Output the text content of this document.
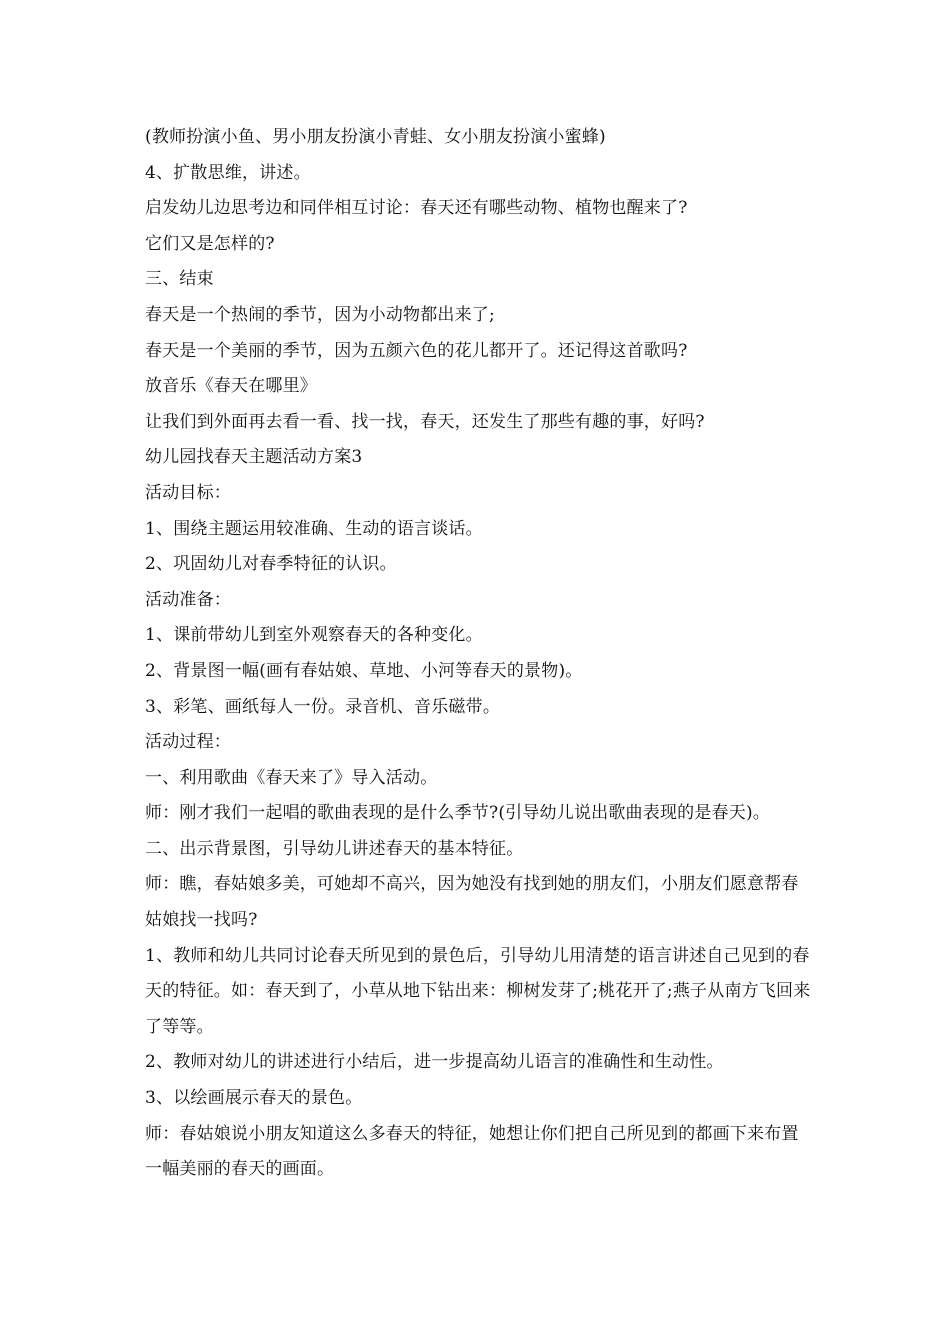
(教师扮演小鱼、男小朋友扮演小青蛙、女小朋友扮演小蜜蜂)

4、扩散思维，讲述。

启发幼儿边思考边和同伴相互讨论：春天还有哪些动物、植物也醒来了?

它们又是怎样的?

三、结束

春天是一个热闹的季节，因为小动物都出来了;

春天是一个美丽的季节，因为五颜六色的花儿都开了。还记得这首歌吗?

放音乐《春天在哪里》

让我们到外面再去看一看、找一找，春天，还发生了那些有趣的事，好吗?

幼儿园找春天主题活动方案3

活动目标：

1、围绕主题运用较准确、生动的语言谈话。

2、巩固幼儿对春季特征的认识。

活动准备：

1、课前带幼儿到室外观察春天的各种变化。

2、背景图一幅(画有春姑娘、草地、小河等春天的景物)。

3、彩笔、画纸每人一份。录音机、音乐磁带。

活动过程：

一、利用歌曲《春天来了》导入活动。

师：刚才我们一起唱的歌曲表现的是什么季节?(引导幼儿说出歌曲表现的是春天)。

二、出示背景图，引导幼儿讲述春天的基本特征。

师：瞧，春姑娘多美，可她却不高兴，因为她没有找到她的朋友们，小朋友们愿意帮春姑娘找一找吗?

1、教师和幼儿共同讨论春天所见到的景色后，引导幼儿用清楚的语言讲述自己见到的春天的特征。如：春天到了，小草从地下钻出来：柳树发芽了;桃花开了;燕子从南方飞回来了等等。

2、教师对幼儿的讲述进行小结后，进一步提高幼儿语言的准确性和生动性。

3、以绘画展示春天的景色。

师：春姑娘说小朋友知道这么多春天的特征，她想让你们把自己所见到的都画下来布置一幅美丽的春天的画面。
